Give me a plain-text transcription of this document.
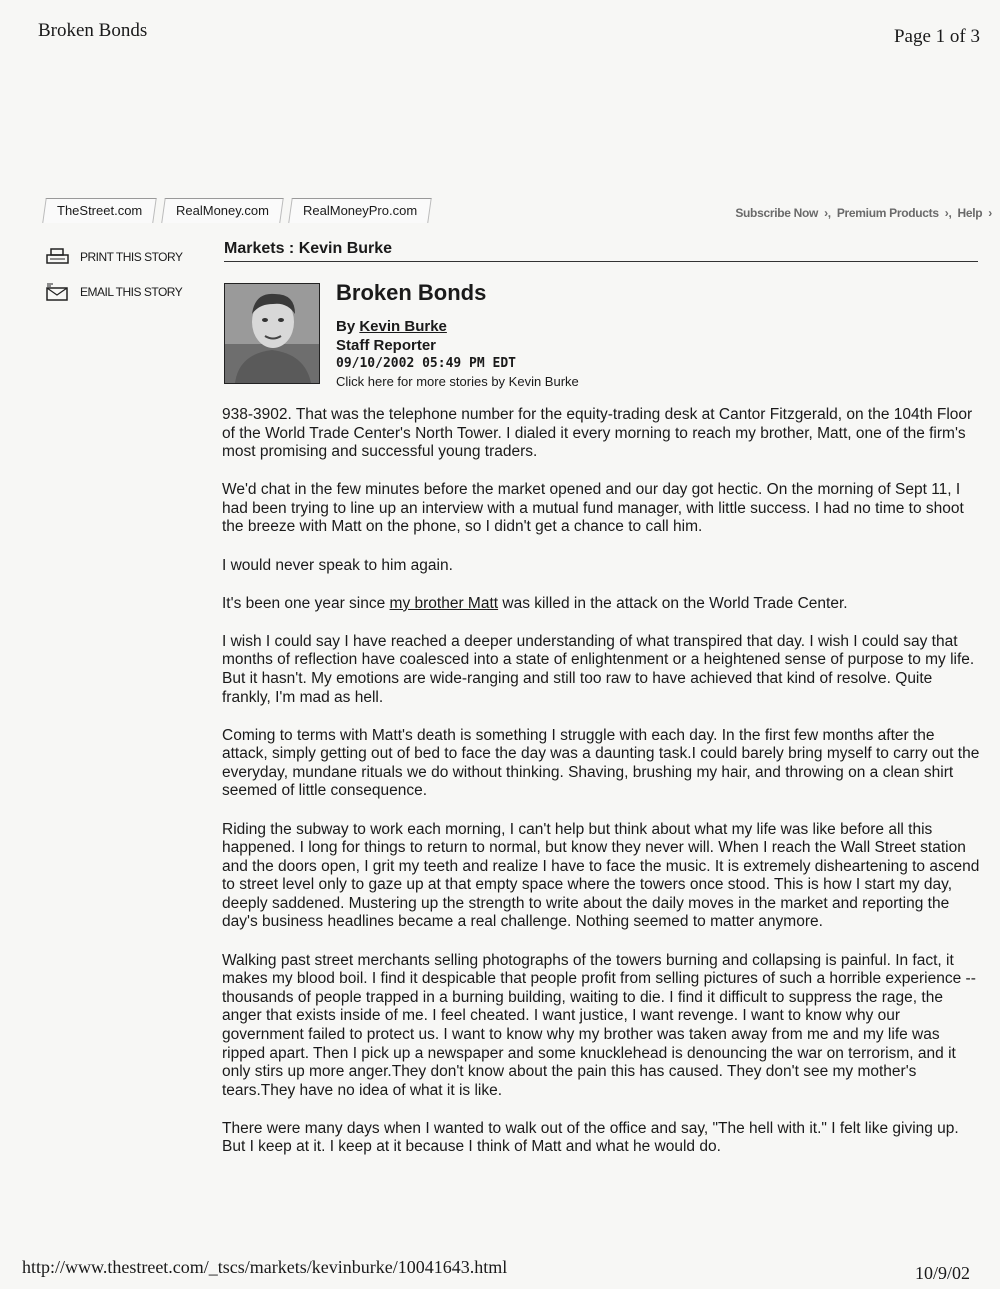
Broken Bonds	Page 1 of 3
TheStreet.com	RealMoney.com	RealMoneyPro.com	Subscribe Now ›, Premium Products ›, Help ›
PRINT THIS STORY
EMAIL THIS STORY
Markets : Kevin Burke
Broken Bonds
By Kevin Burke
Staff Reporter
09/10/2002 05:49 PM EDT
Click here for more stories by Kevin Burke

938-3902. That was the telephone number for the equity-trading desk at Cantor Fitzgerald, on the 104th Floor of the World Trade Center's North Tower. I dialed it every morning to reach my brother, Matt, one of the firm's most promising and successful young traders.

We'd chat in the few minutes before the market opened and our day got hectic. On the morning of Sept 11, I had been trying to line up an interview with a mutual fund manager, with little success. I had no time to shoot the breeze with Matt on the phone, so I didn't get a chance to call him.

I would never speak to him again.

It's been one year since my brother Matt was killed in the attack on the World Trade Center.

I wish I could say I have reached a deeper understanding of what transpired that day. I wish I could say that months of reflection have coalesced into a state of enlightenment or a heightened sense of purpose to my life. But it hasn't. My emotions are wide-ranging and still too raw to have achieved that kind of resolve. Quite frankly, I'm mad as hell.

Coming to terms with Matt's death is something I struggle with each day. In the first few months after the attack, simply getting out of bed to face the day was a daunting task.I could barely bring myself to carry out the everyday, mundane rituals we do without thinking. Shaving, brushing my hair, and throwing on a clean shirt seemed of little consequence.

Riding the subway to work each morning, I can't help but think about what my life was like before all this happened. I long for things to return to normal, but know they never will. When I reach the Wall Street station and the doors open, I grit my teeth and realize I have to face the music. It is extremely disheartening to ascend to street level only to gaze up at that empty space where the towers once stood. This is how I start my day, deeply saddened. Mustering up the strength to write about the daily moves in the market and reporting the day's business headlines became a real challenge. Nothing seemed to matter anymore.

Walking past street merchants selling photographs of the towers burning and collapsing is painful. In fact, it makes my blood boil. I find it despicable that people profit from selling pictures of such a horrible experience --thousands of people trapped in a burning building, waiting to die. I find it difficult to suppress the rage, the anger that exists inside of me. I feel cheated. I want justice, I want revenge. I want to know why our government failed to protect us. I want to know why my brother was taken away from me and my life was ripped apart. Then I pick up a newspaper and some knucklehead is denouncing the war on terrorism, and it only stirs up more anger.They don't know about the pain this has caused. They don't see my mother's tears.They have no idea of what it is like.

There were many days when I wanted to walk out of the office and say, "The hell with it." I felt like giving up. But I keep at it. I keep at it because I think of Matt and what he would do.

http://www.thestreet.com/_tscs/markets/kevinburke/10041643.html	10/9/02
